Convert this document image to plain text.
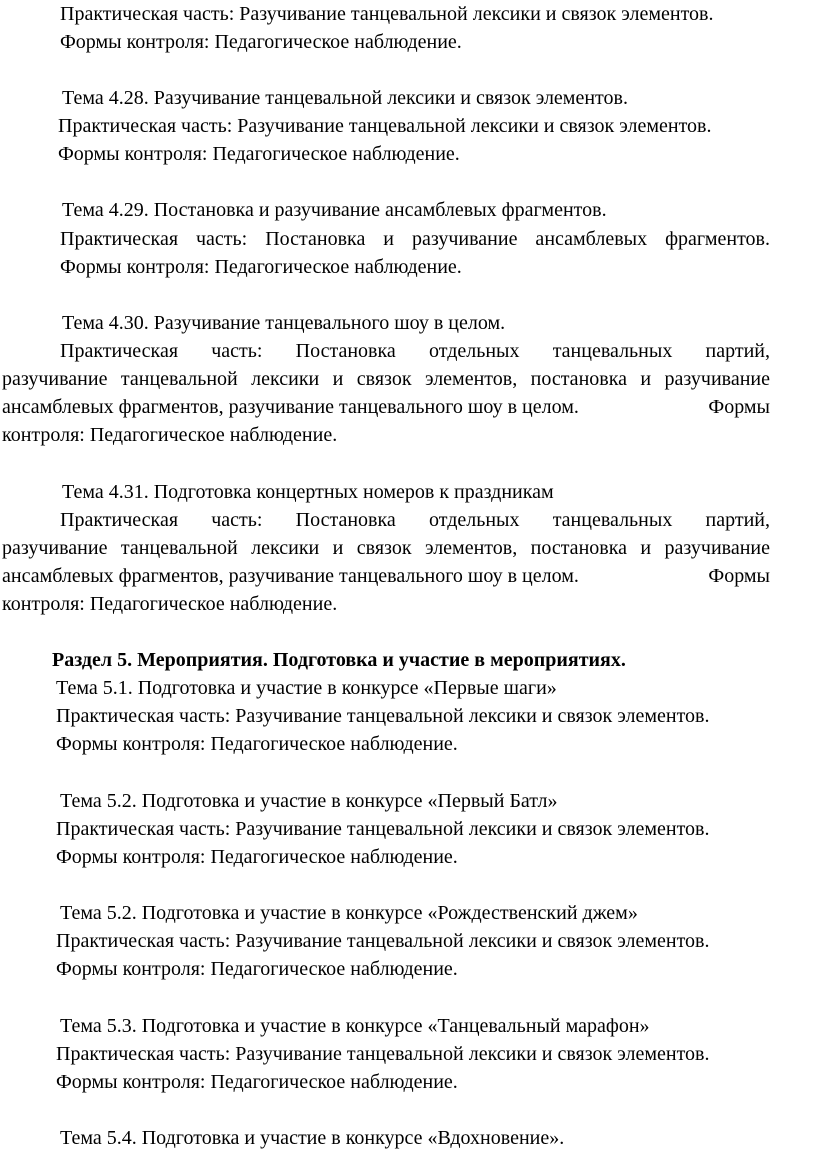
Практическая часть: Разучивание танцевальной лексики и связок элементов.
Формы контроля: Педагогическое наблюдение.
Тема 4.28. Разучивание танцевальной лексики и связок элементов.
Практическая часть: Разучивание танцевальной лексики и связок элементов.
Формы контроля: Педагогическое наблюдение.
Тема 4.29. Постановка и разучивание ансамблевых фрагментов.
Практическая часть: Постановка и разучивание ансамблевых фрагментов.
Формы контроля: Педагогическое наблюдение.
Тема 4.30. Разучивание танцевального шоу в целом.
Практическая часть: Постановка отдельных танцевальных партий,
разучивание танцевальной лексики и связок элементов, постановка и разучивание
ансамблевых фрагментов, разучивание танцевального шоу в целом.	Формы
контроля: Педагогическое наблюдение.
Тема 4.31. Подготовка концертных номеров к праздникам
Практическая часть: Постановка отдельных танцевальных партий,
разучивание танцевальной лексики и связок элементов, постановка и разучивание
ансамблевых фрагментов, разучивание танцевального шоу в целом.	Формы
контроля: Педагогическое наблюдение.
Раздел 5. Мероприятия. Подготовка и участие в мероприятиях.
Тема 5.1. Подготовка и участие в конкурсе «Первые шаги»
Практическая часть: Разучивание танцевальной лексики и связок элементов.
Формы контроля: Педагогическое наблюдение.
Тема 5.2. Подготовка и участие в конкурсе «Первый Батл»
Практическая часть: Разучивание танцевальной лексики и связок элементов.
Формы контроля: Педагогическое наблюдение.
Тема 5.2. Подготовка и участие в конкурсе «Рождественский джем»
Практическая часть: Разучивание танцевальной лексики и связок элементов.
Формы контроля: Педагогическое наблюдение.
Тема 5.3. Подготовка и участие в конкурсе «Танцевальный марафон»
Практическая часть: Разучивание танцевальной лексики и связок элементов.
Формы контроля: Педагогическое наблюдение.
Тема 5.4. Подготовка и участие в конкурсе «Вдохновение».
